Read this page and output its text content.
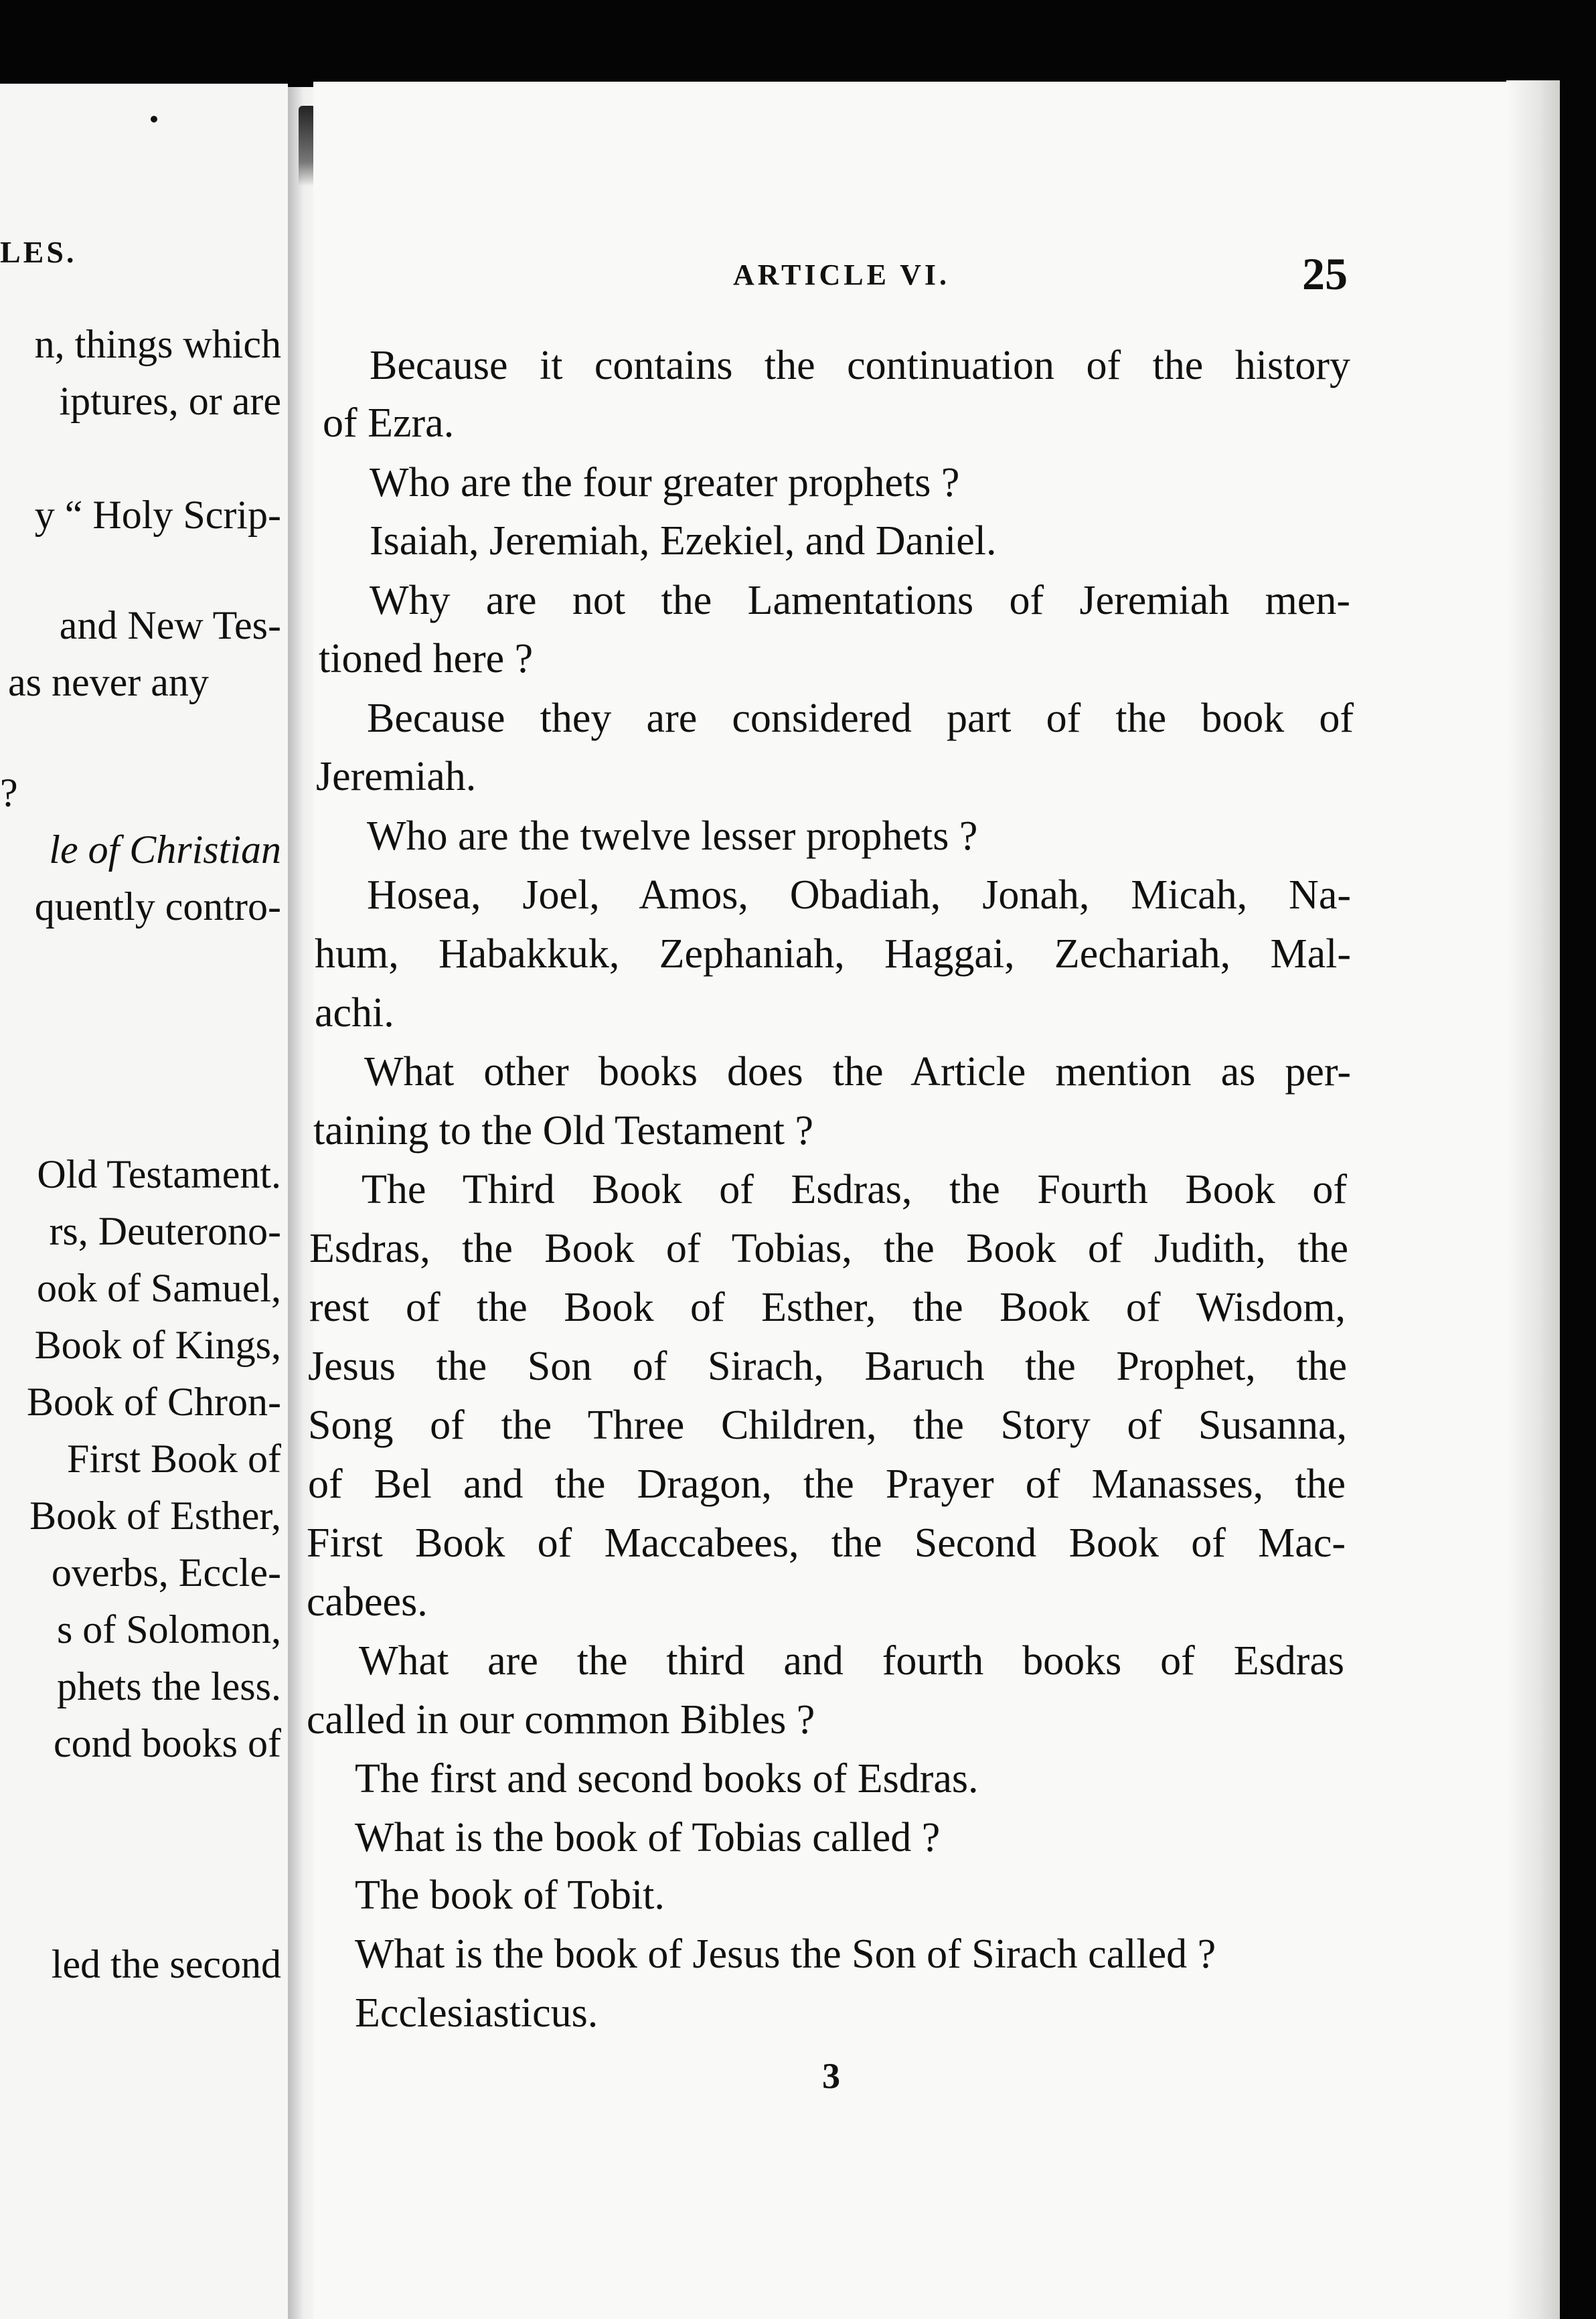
LES.
n, things which
iptures, or are
y “ Holy Scrip-
and New Tes-
as never any
?
le of Christian
quently contro-
Old Testament.
rs, Deuterono-
ook of Samuel,
Book of Kings,
Book of Chron-
First Book of
Book of Esther,
overbs, Eccle-
s of Solomon,
phets the less.
cond books of
led the second
ARTICLE VI.	25
Because it contains the continuation of the history
of Ezra.
Who are the four greater prophets ?
Isaiah, Jeremiah, Ezekiel, and Daniel.
Why are not the Lamentations of Jeremiah men-
tioned here ?
Because they are considered part of the book of
Jeremiah.
Who are the twelve lesser prophets ?
Hosea, Joel, Amos, Obadiah, Jonah, Micah, Na-
hum, Habakkuk, Zephaniah, Haggai, Zechariah, Mal-
achi.
What other books does the Article mention as per-
taining to the Old Testament ?
The Third Book of Esdras, the Fourth Book of
Esdras, the Book of Tobias, the Book of Judith, the
rest of the Book of Esther, the Book of Wisdom,
Jesus the Son of Sirach, Baruch the Prophet, the
Song of the Three Children, the Story of Susanna,
of Bel and the Dragon, the Prayer of Manasses, the
First Book of Maccabees, the Second Book of Mac-
cabees.
What are the third and fourth books of Esdras
called in our common Bibles ?
The first and second books of Esdras.
What is the book of Tobias called ?
The book of Tobit.
What is the book of Jesus the Son of Sirach called ?
Ecclesiasticus.
3
